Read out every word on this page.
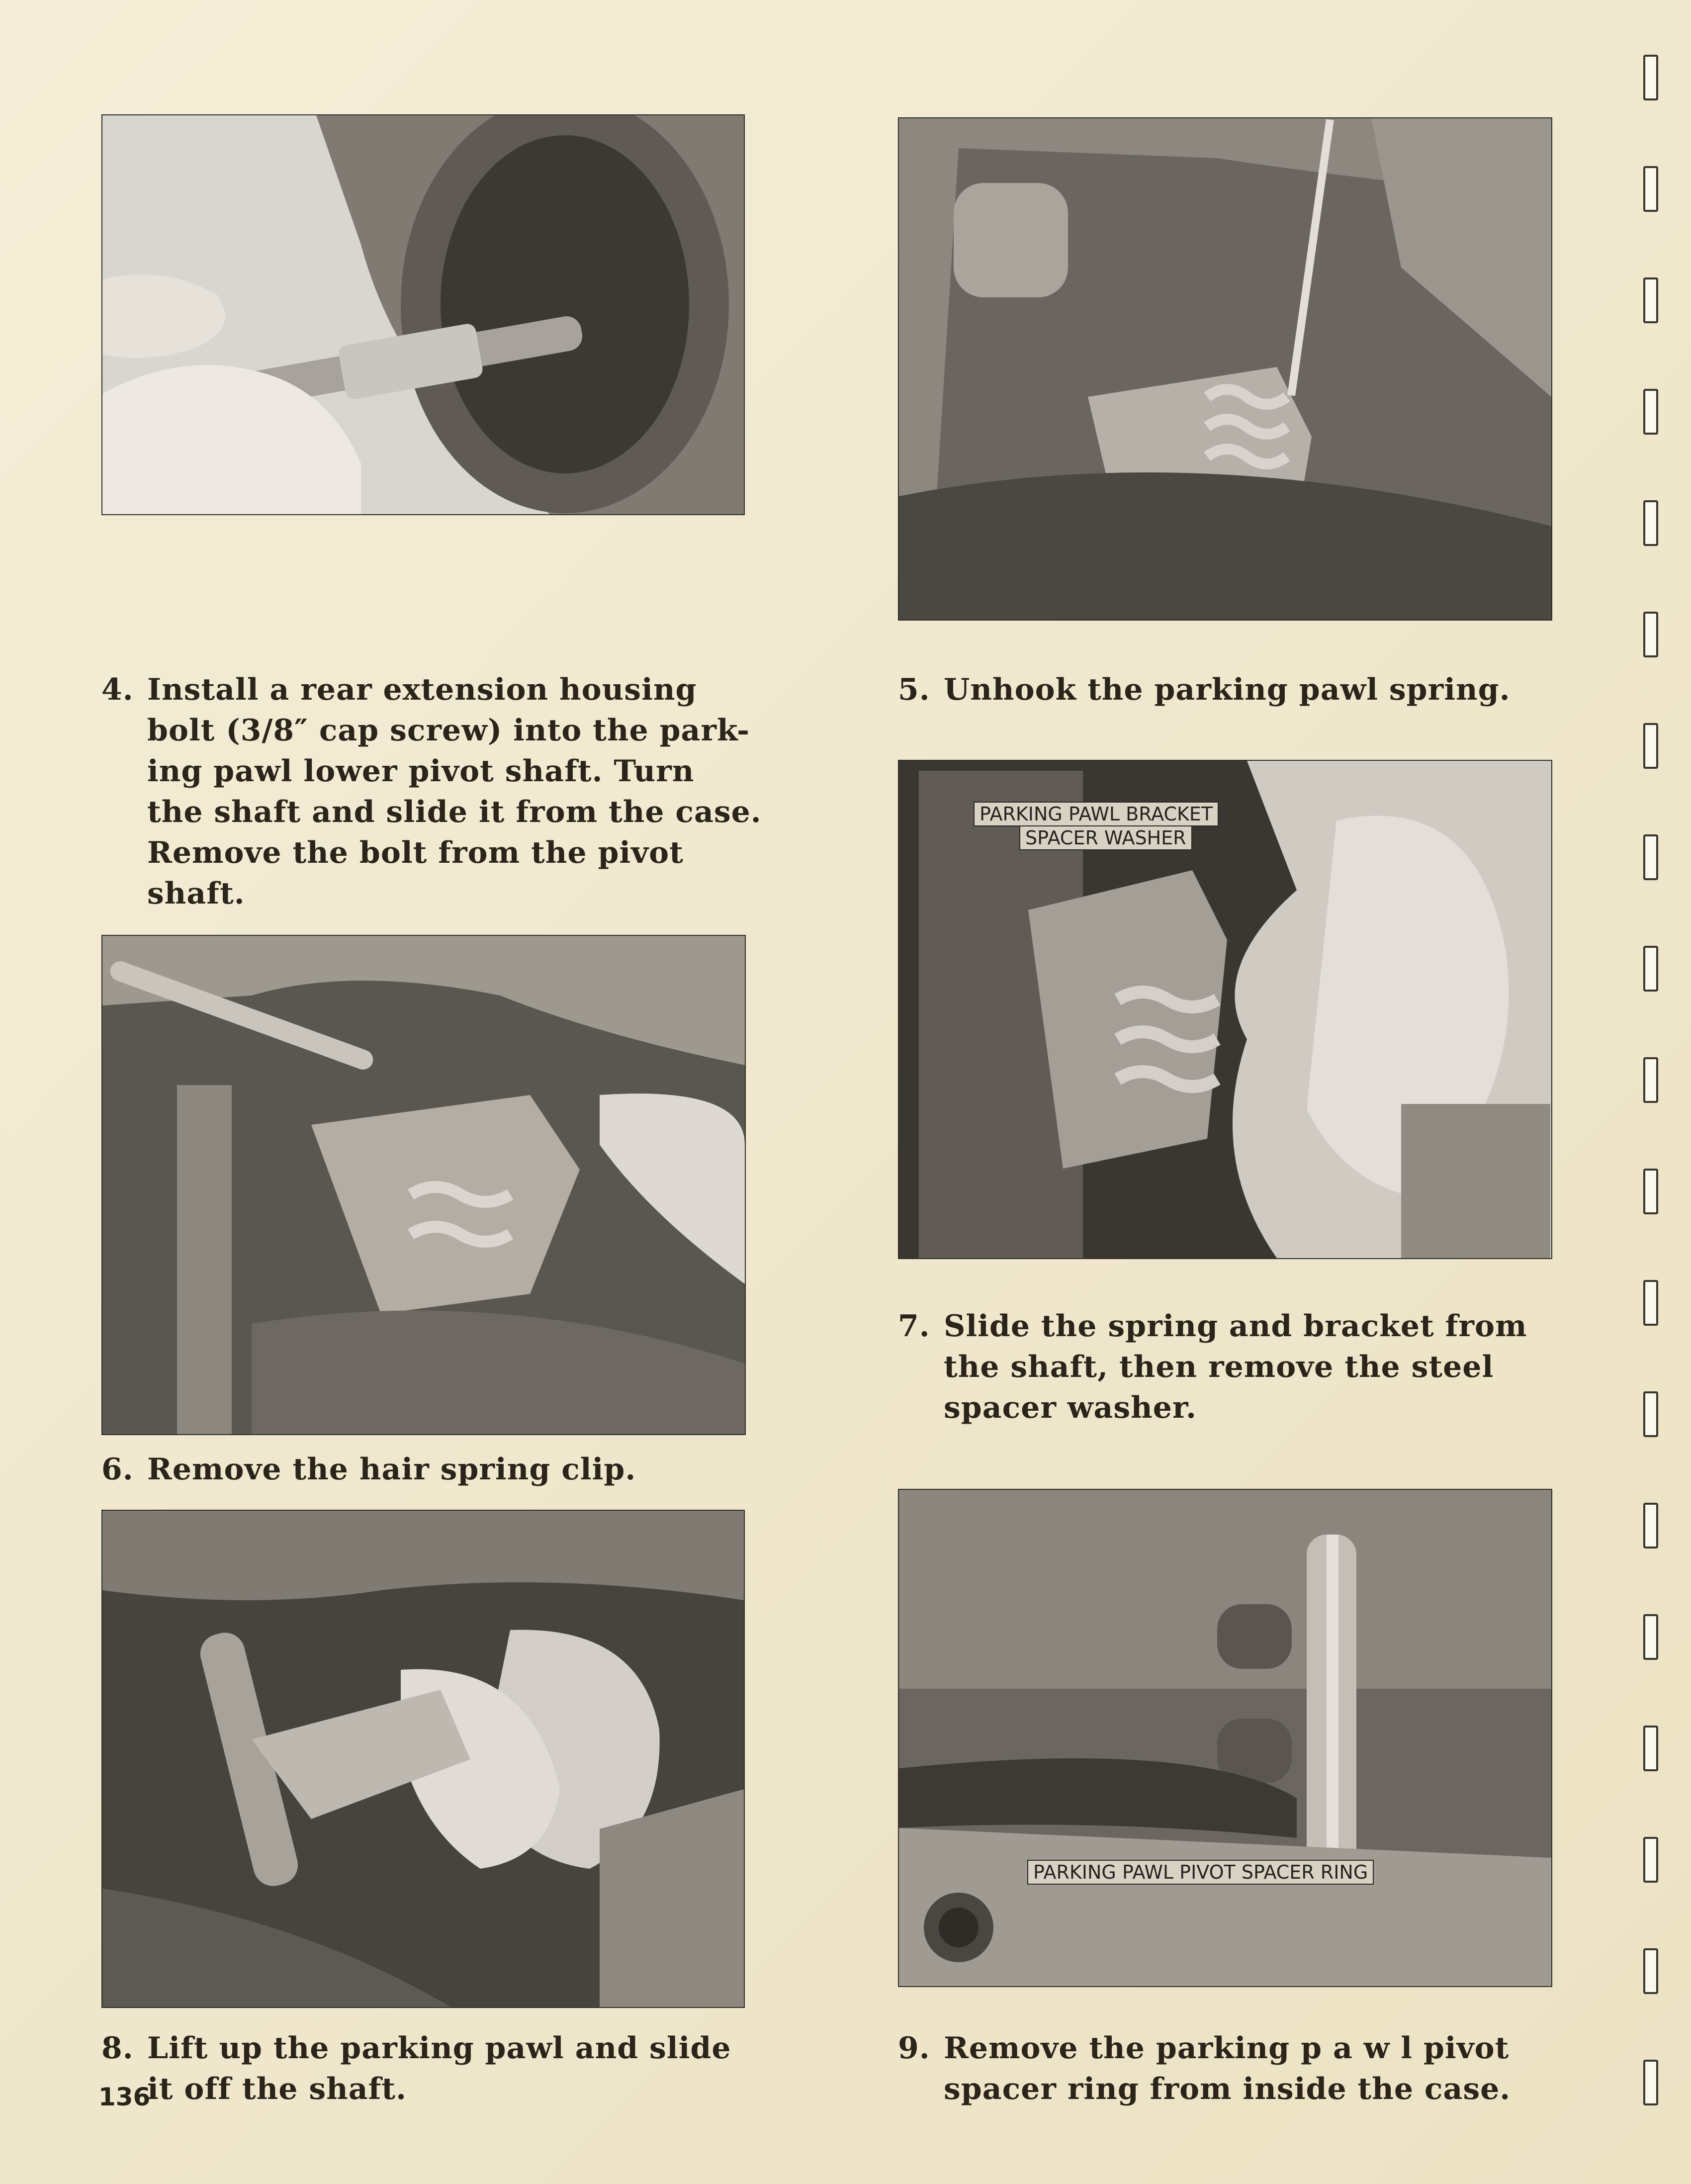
PARKING PAWL BRACKET
SPACER WASHER
PARKING PAWL PIVOT SPACER RING
4. Install a rear extension housing
bolt (3/8″ cap screw) into the park-
ing pawl lower pivot shaft. Turn
the shaft and slide it from the case.
Remove the bolt from the pivot
shaft.
5. Unhook the parking pawl spring.
6. Remove the hair spring clip.
7. Slide the spring and bracket from
the shaft, then remove the steel
spacer washer.
8. Lift up the parking pawl and slide
it off the shaft.
9. Remove the parking p a w l pivot
spacer ring from inside the case.
136
